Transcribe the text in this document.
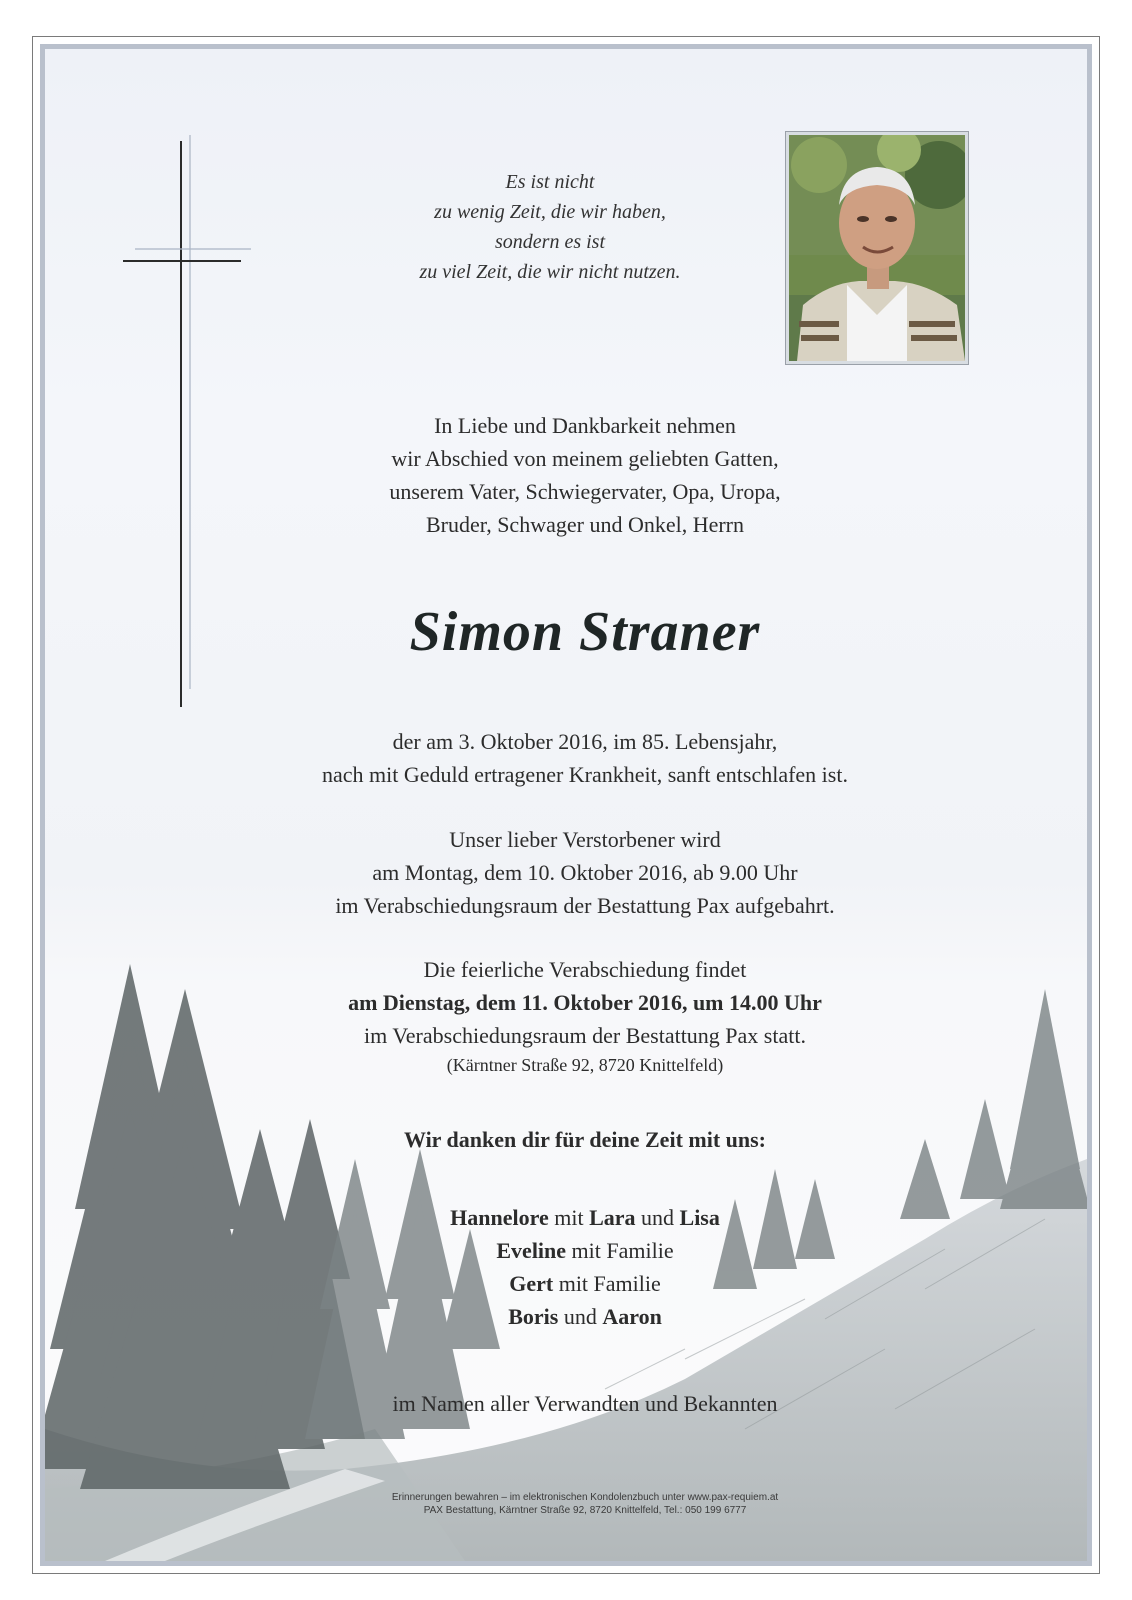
Es ist nicht
zu wenig Zeit, die wir haben,
sondern es ist
zu viel Zeit, die wir nicht nutzen.
In Liebe und Dankbarkeit nehmen
wir Abschied von meinem geliebten Gatten,
unserem Vater, Schwiegervater, Opa, Uropa,
Bruder, Schwager und Onkel, Herrn
Simon Straner
der am 3. Oktober 2016, im 85. Lebensjahr,
nach mit Geduld ertragener Krankheit, sanft entschlafen ist.
Unser lieber Verstorbener wird
am Montag, dem 10. Oktober 2016, ab 9.00 Uhr
im Verabschiedungsraum der Bestattung Pax aufgebahrt.
Die feierliche Verabschiedung findet
am Dienstag, dem 11. Oktober 2016, um 14.00 Uhr
im Verabschiedungsraum der Bestattung Pax statt.
(Kärntner Straße 92, 8720 Knittelfeld)
Wir danken dir für deine Zeit mit uns:
Hannelore mit Lara und Lisa
Eveline mit Familie
Gert mit Familie
Boris und Aaron
im Namen aller Verwandten und Bekannten
Erinnerungen bewahren – im elektronischen Kondolenzbuch unter www.pax-requiem.at
PAX Bestattung, Kärntner Straße 92, 8720 Knittelfeld, Tel.: 050 199 6777
